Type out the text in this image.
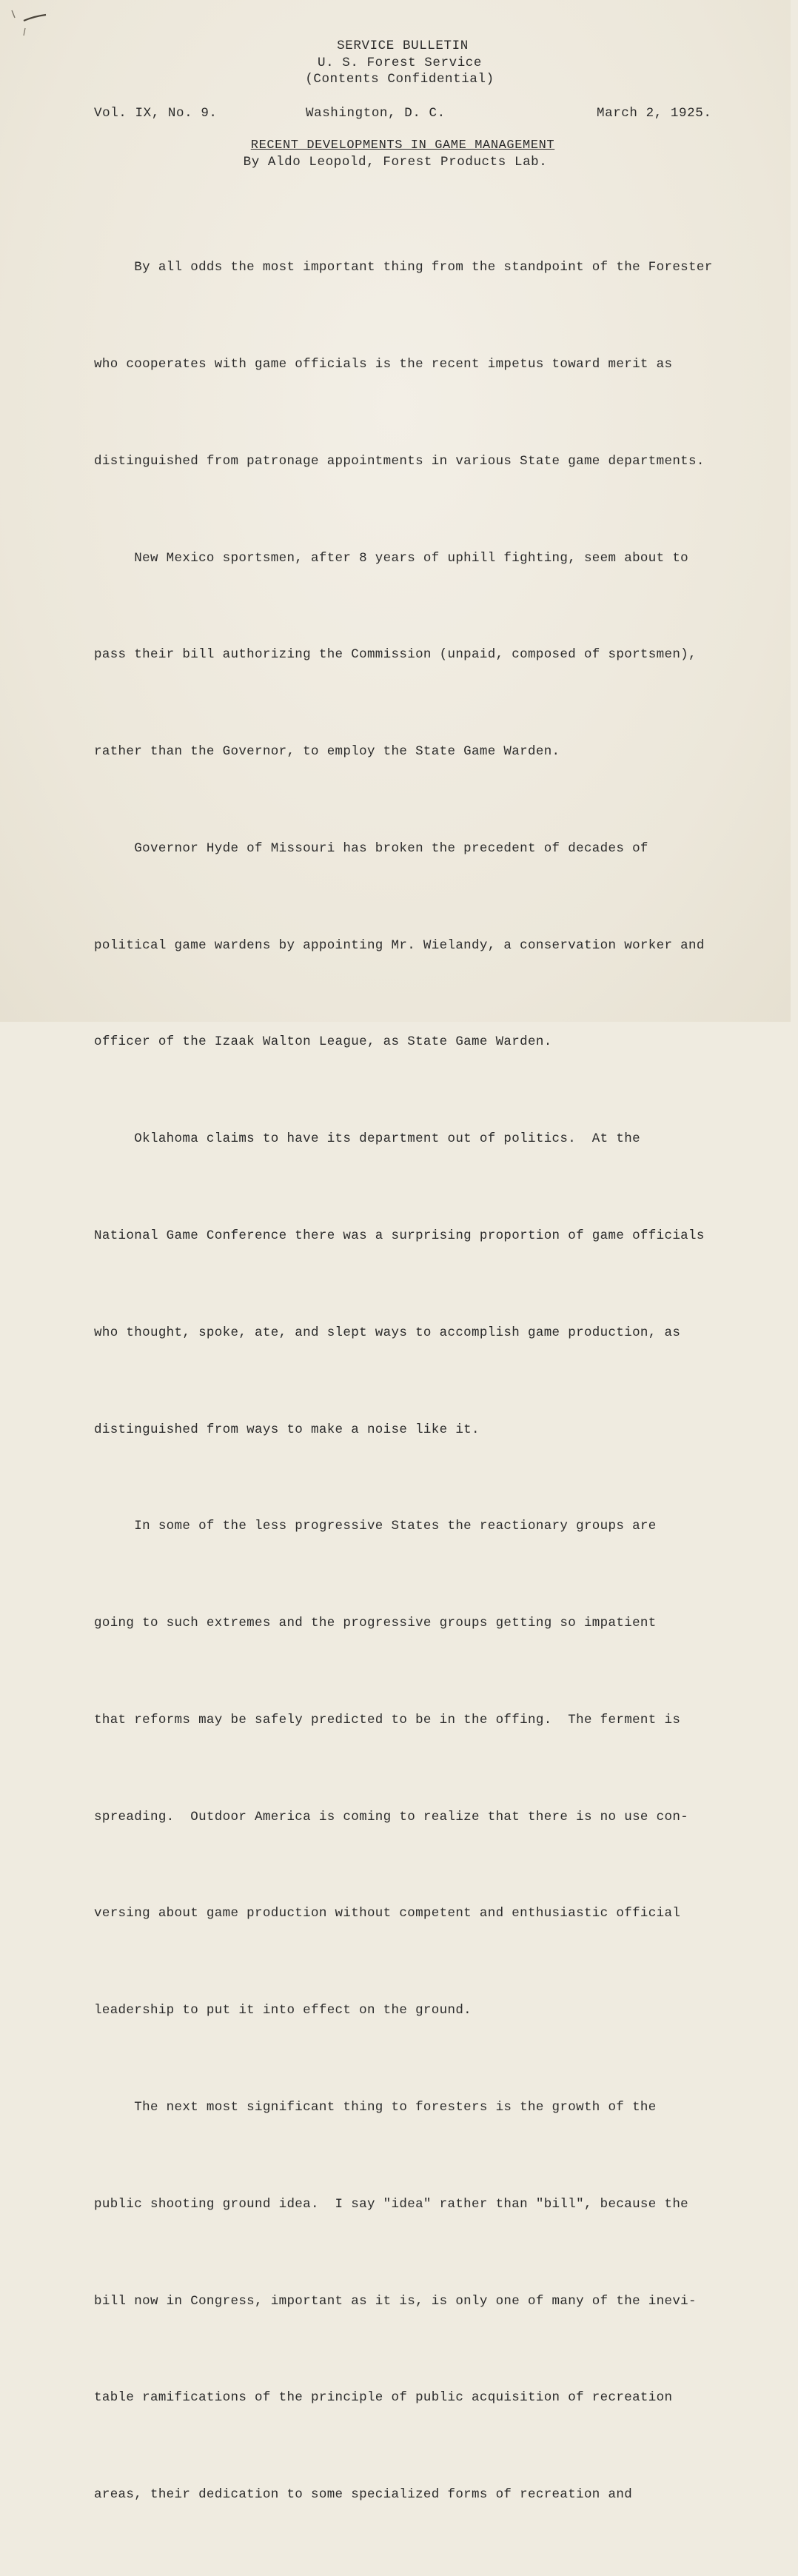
SERVICE BULLETIN
U. S. Forest Service
(Contents Confidential)
Vol. IX, No. 9.	Washington, D. C.	March 2, 1925.
RECENT DEVELOPMENTS IN GAME MANAGEMENT
By Aldo Leopold, Forest Products Lab.

By all odds the most important thing from the standpoint of the Forester

who cooperates with game officials is the recent impetus toward merit as

distinguished from patronage appointments in various State game departments.

New Mexico sportsmen, after 8 years of uphill fighting, seem about to

pass their bill authorizing the Commission (unpaid, composed of sportsmen),

rather than the Governor, to employ the State Game Warden.

Governor Hyde of Missouri has broken the precedent of decades of

political game wardens by appointing Mr. Wielandy, a conservation worker and

officer of the Izaak Walton League, as State Game Warden.

Oklahoma claims to have its department out of politics.  At the

National Game Conference there was a surprising proportion of game officials

who thought, spoke, ate, and slept ways to accomplish game production, as

distinguished from ways to make a noise like it.

In some of the less progressive States the reactionary groups are

going to such extremes and the progressive groups getting so impatient

that reforms may be safely predicted to be in the offing.  The ferment is

spreading.  Outdoor America is coming to realize that there is no use con-

versing about game production without competent and enthusiastic official

leadership to put it into effect on the ground.

The next most significant thing to foresters is the growth of the

public shooting ground idea.  I say "idea" rather than "bill", because the

bill now in Congress, important as it is, is only one of many of the inevi-

table ramifications of the principle of public acquisition of recreation

areas, their dedication to some specialized forms of recreation and
